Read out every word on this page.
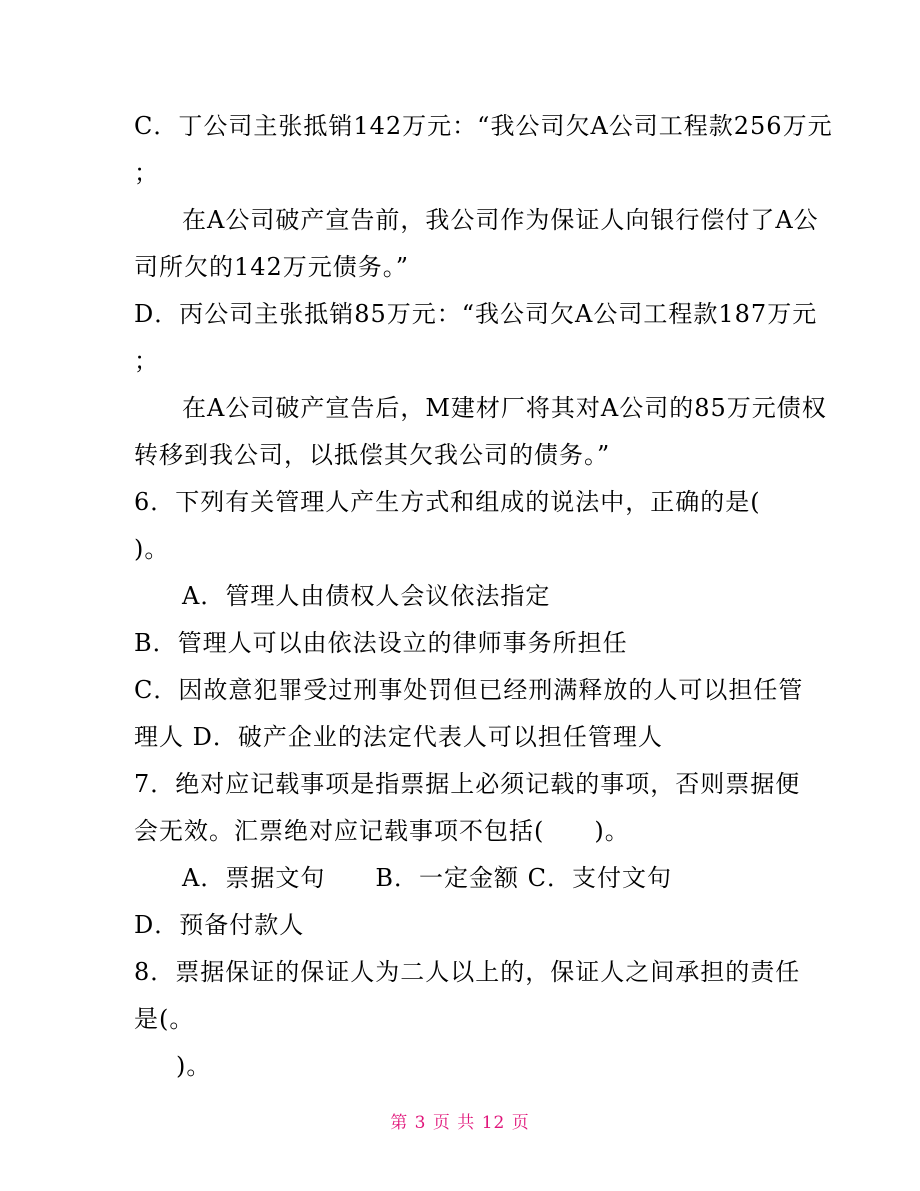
C．丁公司主张抵销142万元：“我公司欠A公司工程款256万元
；
在A公司破产宣告前，我公司作为保证人向银行偿付了A公
司所欠的142万元债务。”
D．丙公司主张抵销85万元：“我公司欠A公司工程款187万元
；
在A公司破产宣告后，M建材厂将其对A公司的85万元债权
转移到我公司，以抵偿其欠我公司的债务。”
6．下列有关管理人产生方式和组成的说法中，正确的是(
)。
A．管理人由债权人会议依法指定
B．管理人可以由依法设立的律师事务所担任
C．因故意犯罪受过刑事处罚但已经刑满释放的人可以担任管
理人 D．破产企业的法定代表人可以担任管理人
7．绝对应记载事项是指票据上必须记载的事项，否则票据便
会无效。汇票绝对应记载事项不包括(　　)。
A．票据文句　　B．一定金额 C．支付文句
D．预备付款人
8．票据保证的保证人为二人以上的，保证人之间承担的责任
是(。
)。
第 3 页 共 12 页
